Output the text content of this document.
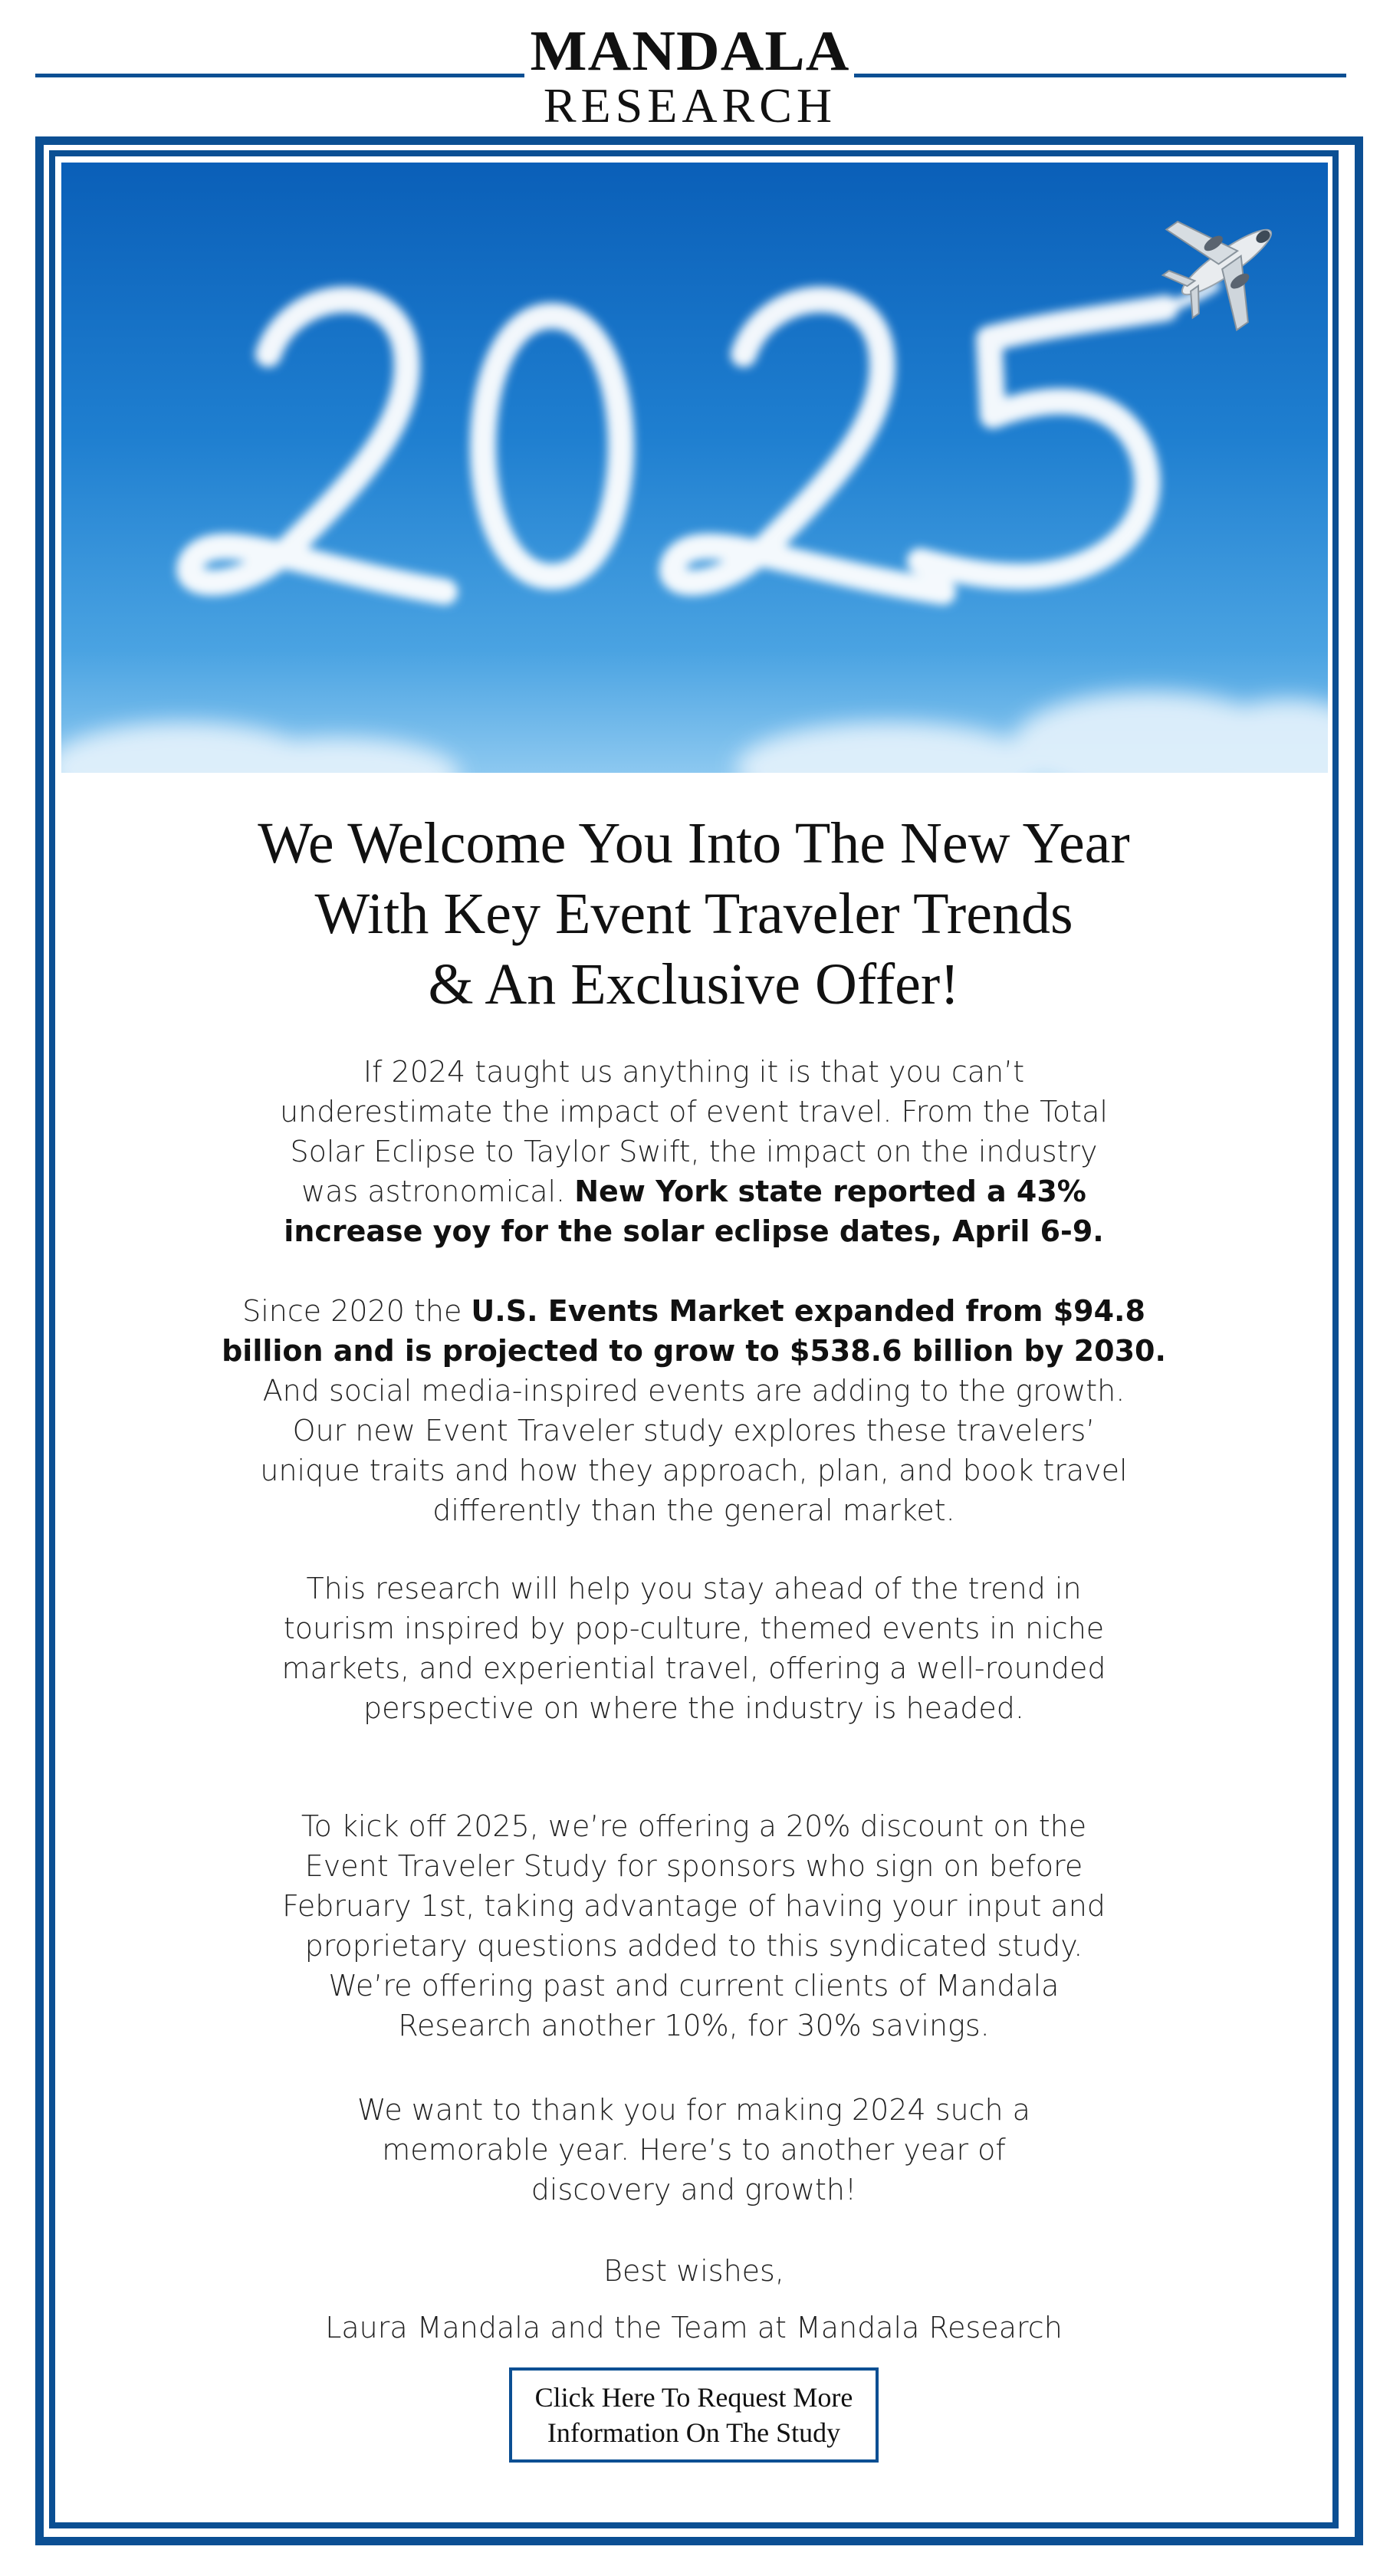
MANDALA
RESEARCH
We Welcome You Into The New Year
With Key Event Traveler Trends
& An Exclusive Offer!
If 2024 taught us anything it is that you can’t
underestimate the impact of event travel. From the Total
Solar Eclipse to Taylor Swift, the impact on the industry
was astronomical. New York state reported a 43%
increase yoy for the solar eclipse dates, April 6-9.
Since 2020 the U.S. Events Market expanded from $94.8
billion and is projected to grow to $538.6 billion by 2030.
And social media-inspired events are adding to the growth.
Our new Event Traveler study explores these travelers’
unique traits and how they approach, plan, and book travel
differently than the general market.
This research will help you stay ahead of the trend in
tourism inspired by pop-culture, themed events in niche
markets, and experiential travel, offering a well-rounded
perspective on where the industry is headed.
To kick off 2025, we’re offering a 20% discount on the
Event Traveler Study for sponsors who sign on before
February 1st, taking advantage of having your input and
proprietary questions added to this syndicated study.
We’re offering past and current clients of Mandala
Research another 10%, for 30% savings.
We want to thank you for making 2024 such a
memorable year. Here’s to another year of
discovery and growth!
Best wishes,
Laura Mandala and the Team at Mandala Research
Click Here To Request More
Information On The Study
